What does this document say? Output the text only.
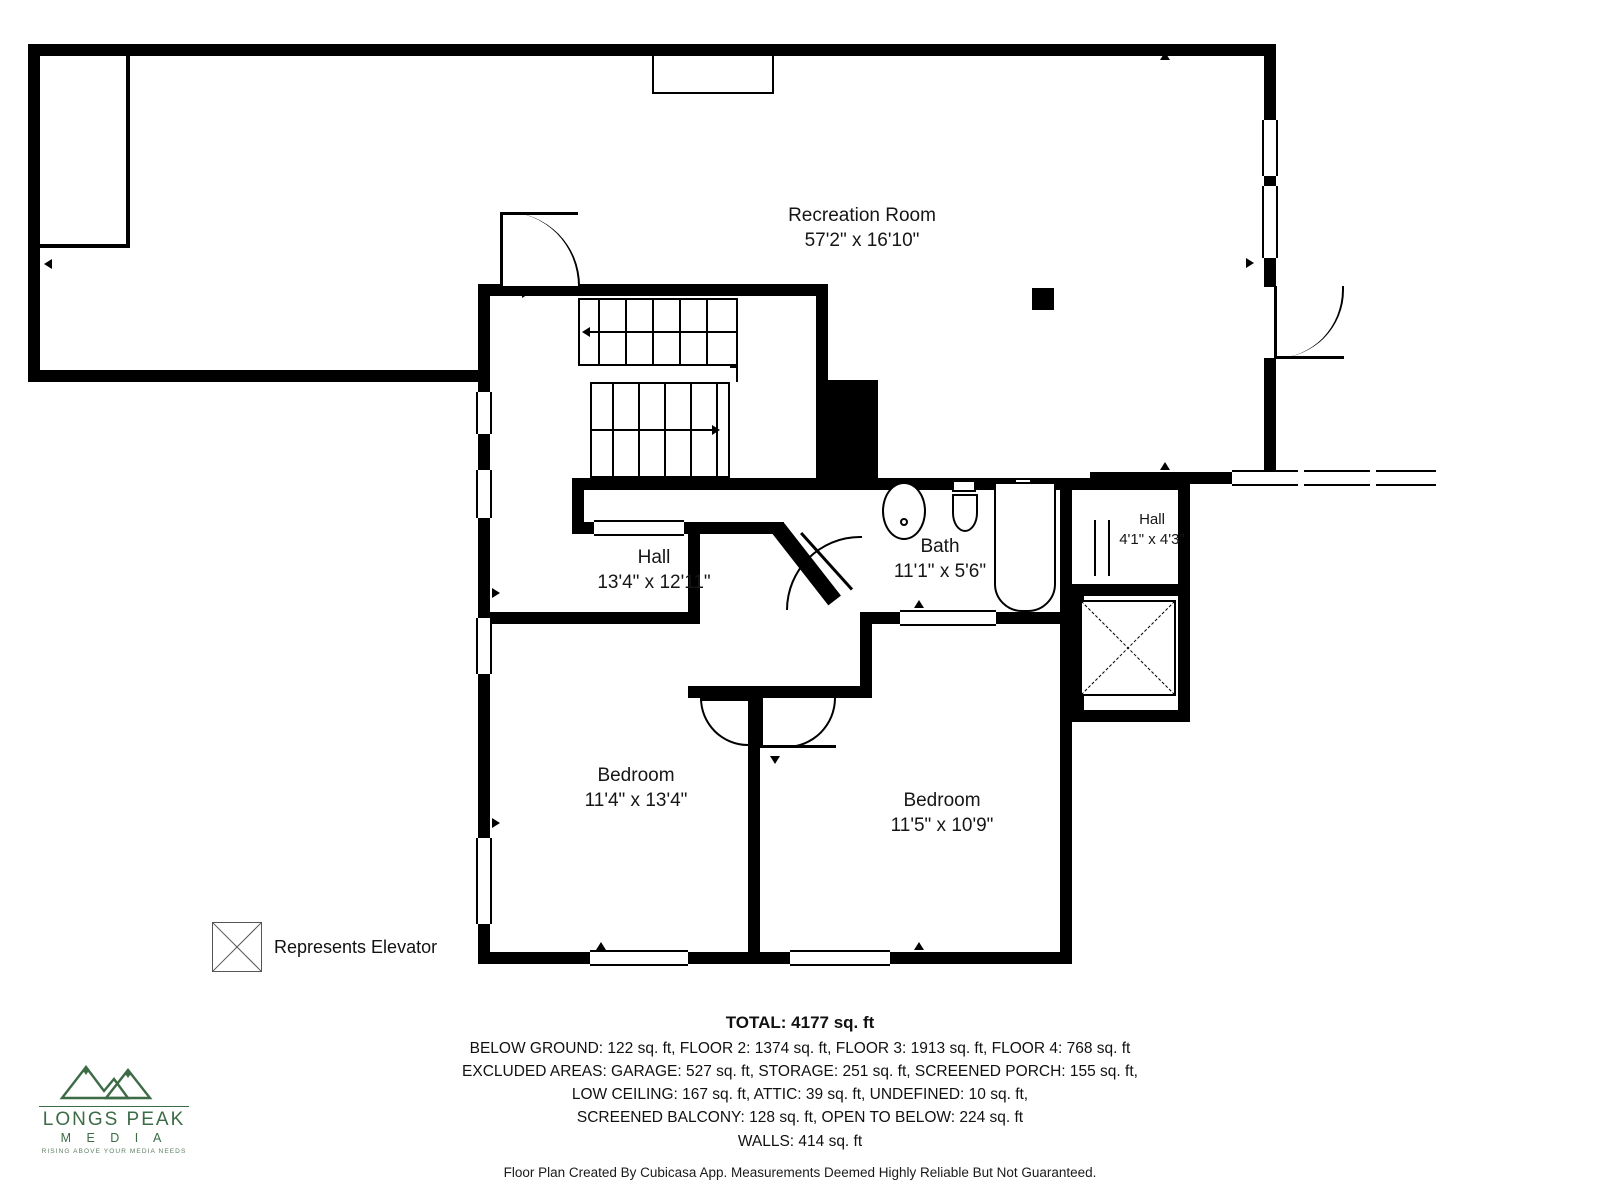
Recreation Room
57'2" x 16'10"
Hall
13'4" x 12'11"
Bath
11'1" x 5'6"
Hall
4'1" x 4'3"
Bedroom
11'4" x 13'4"	Bedroom
11'5" x 10'9"
Represents Elevator
TOTAL: 4177 sq. ft
BELOW GROUND: 122 sq. ft, FLOOR 2: 1374 sq. ft, FLOOR 3: 1913 sq. ft, FLOOR 4: 768 sq. ft
EXCLUDED AREAS: GARAGE: 527 sq. ft, STORAGE: 251 sq. ft, SCREENED PORCH: 155 sq. ft,
LOW CEILING: 167 sq. ft, ATTIC: 39 sq. ft, UNDEFINED: 10 sq. ft,
SCREENED BALCONY: 128 sq. ft, OPEN TO BELOW: 224 sq. ft
WALLS: 414 sq. ft
Floor Plan Created By Cubicasa App. Measurements Deemed Highly Reliable But Not Guaranteed.
LONGS PEAK
M E D I A
RISING ABOVE YOUR MEDIA NEEDS
